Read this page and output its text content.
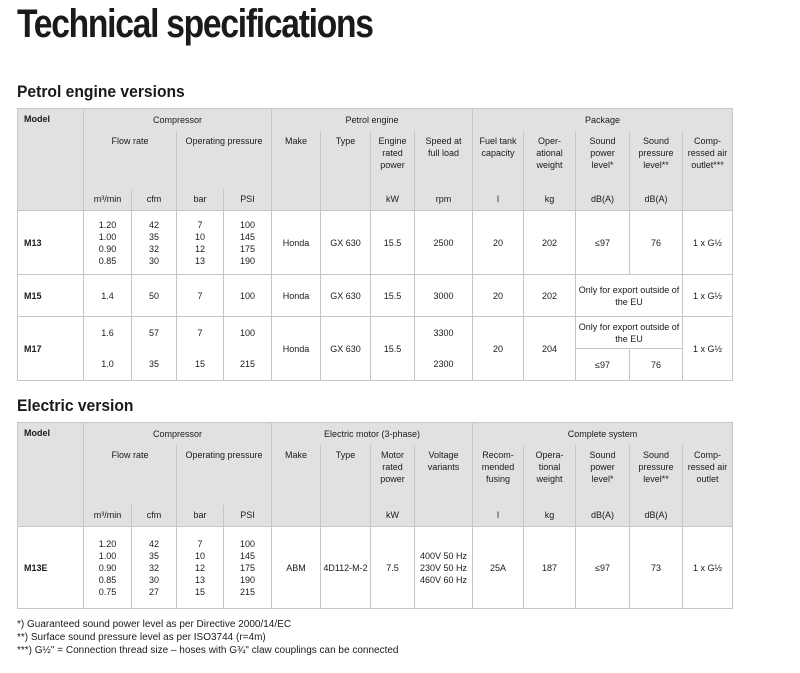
Technical specifications
Petrol engine versions
Model	Compressor				Petrol engine				Package				
	Flow rate		Operating pressure		Make	Type	Engine
rated
power	Speed at
full load	Fuel tank
capacity	Oper-
ational
weight	Sound
power
level*	Sound
pressure
level**	Comp-
ressed air
outlet***
	m³/min	cfm	bar	PSI			kW	rpm	l	kg	dB(A)	dB(A)	
M13	1.20
1.00
0.90
0.85	42
35
32
30	7
10
12
13	100
145
175
190	Honda	GX 630	15.5	2500	20	202	≤97	76	1 x G½
M15	1.4	50	7	100	Honda	GX 630	15.5	3000	20	202	Only for export outside of the EU		1 x G½
M17	1.6	57	7	100	Honda	GX 630	15.5	3300	20	204	Only for export outside of the EU		1 x G½
	1.0	35	15	215				2300			≤97	76	
Electric version
Model	Compressor				Electric motor (3-phase)				Complete system				
	Flow rate		Operating pressure		Make	Type	Motor
rated
power	Voltage
variants	Recom-
mended
fusing	Opera-
tional
weight	Sound
power
level*	Sound
pressure
level**	Comp-
ressed air
outlet
	m³/min	cfm	bar	PSI			kW		l	kg	dB(A)	dB(A)	
M13E	1.20
1.00
0.90
0.85
0.75	42
35
32
30
27	7
10
12
13
15	100
145
175
190
215	ABM	4D112-M-2	7.5	400V 50 Hz
230V 50 Hz
460V 60 Hz	25A	187	≤97	73	1 x G½
*) Guaranteed sound power level as per Directive 2000/14/EC
**) Surface sound pressure level as per ISO3744 (r=4m)
***) G½" = Connection thread size – hoses with G¾" claw couplings can be connected
